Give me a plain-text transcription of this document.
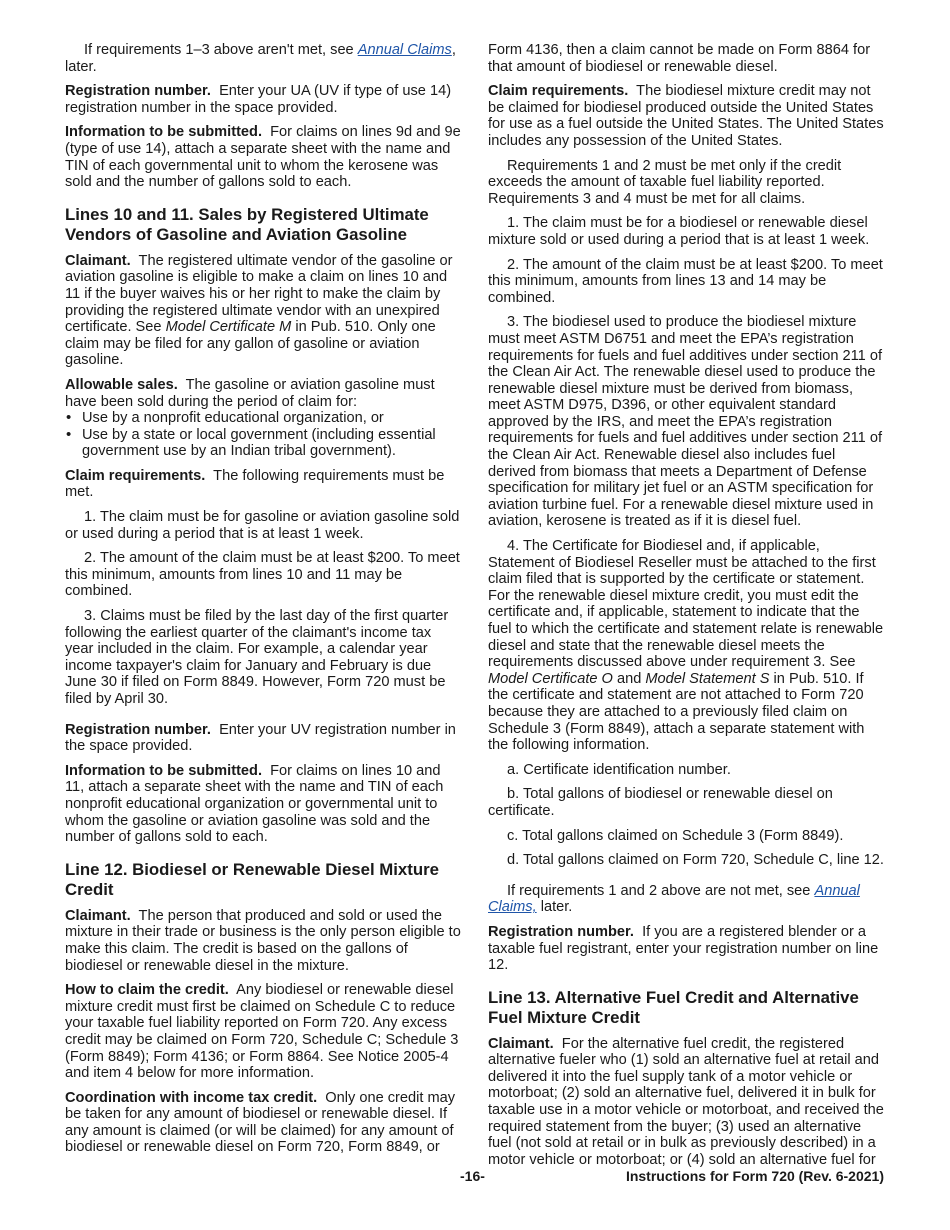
If requirements 1–3 above aren't met, see Annual Claims, later.

Registration number. Enter your UA (UV if type of use 14) registration number in the space provided.

Information to be submitted. For claims on lines 9d and 9e (type of use 14), attach a separate sheet with the name and TIN of each governmental unit to whom the kerosene was sold and the number of gallons sold to each.

Lines 10 and 11. Sales by Registered Ultimate Vendors of Gasoline and Aviation Gasoline

Claimant. The registered ultimate vendor of the gasoline or aviation gasoline is eligible to make a claim on lines 10 and 11 if the buyer waives his or her right to make the claim by providing the registered ultimate vendor with an unexpired certificate. See Model Certificate M in Pub. 510. Only one claim may be filed for any gallon of gasoline or aviation gasoline.

Allowable sales. The gasoline or aviation gasoline must have been sold during the period of claim for:

• Use by a nonprofit educational organization, or
• Use by a state or local government (including essential government use by an Indian tribal government).

Claim requirements. The following requirements must be met.

1. The claim must be for gasoline or aviation gasoline sold or used during a period that is at least 1 week.

2. The amount of the claim must be at least $200. To meet this minimum, amounts from lines 10 and 11 may be combined.

3. Claims must be filed by the last day of the first quarter following the earliest quarter of the claimant's income tax year included in the claim. For example, a calendar year income taxpayer's claim for January and February is due June 30 if filed on Form 8849. However, Form 720 must be filed by April 30.

Registration number. Enter your UV registration number in the space provided.

Information to be submitted. For claims on lines 10 and 11, attach a separate sheet with the name and TIN of each nonprofit educational organization or governmental unit to whom the gasoline or aviation gasoline was sold and the number of gallons sold to each.

Line 12. Biodiesel or Renewable Diesel Mixture Credit

Claimant. The person that produced and sold or used the mixture in their trade or business is the only person eligible to make this claim. The credit is based on the gallons of biodiesel or renewable diesel in the mixture.

How to claim the credit. Any biodiesel or renewable diesel mixture credit must first be claimed on Schedule C to reduce your taxable fuel liability reported on Form 720. Any excess credit may be claimed on Form 720, Schedule C; Schedule 3 (Form 8849); Form 4136; or Form 8864. See Notice 2005-4 and item 4 below for more information.

Coordination with income tax credit. Only one credit may be taken for any amount of biodiesel or renewable diesel. If any amount is claimed (or will be claimed) for any amount of biodiesel or renewable diesel on Form 720, Form 8849, or

Form 4136, then a claim cannot be made on Form 8864 for that amount of biodiesel or renewable diesel.

Claim requirements. The biodiesel mixture credit may not be claimed for biodiesel produced outside the United States for use as a fuel outside the United States. The United States includes any possession of the United States.

Requirements 1 and 2 must be met only if the credit exceeds the amount of taxable fuel liability reported. Requirements 3 and 4 must be met for all claims.

1. The claim must be for a biodiesel or renewable diesel mixture sold or used during a period that is at least 1 week.

2. The amount of the claim must be at least $200. To meet this minimum, amounts from lines 13 and 14 may be combined.

3. The biodiesel used to produce the biodiesel mixture must meet ASTM D6751 and meet the EPA’s registration requirements for fuels and fuel additives under section 211 of the Clean Air Act. The renewable diesel used to produce the renewable diesel mixture must be derived from biomass, meet ASTM D975, D396, or other equivalent standard approved by the IRS, and meet the EPA’s registration requirements for fuels and fuel additives under section 211 of the Clean Air Act. Renewable diesel also includes fuel derived from biomass that meets a Department of Defense specification for military jet fuel or an ASTM specification for aviation turbine fuel. For a renewable diesel mixture used in aviation, kerosene is treated as if it is diesel fuel.

4. The Certificate for Biodiesel and, if applicable, Statement of Biodiesel Reseller must be attached to the first claim filed that is supported by the certificate or statement. For the renewable diesel mixture credit, you must edit the certificate and, if applicable, statement to indicate that the fuel to which the certificate and statement relate is renewable diesel and state that the renewable diesel meets the requirements discussed above under requirement 3. See Model Certificate O and Model Statement S in Pub. 510. If the certificate and statement are not attached to Form 720 because they are attached to a previously filed claim on Schedule 3 (Form 8849), attach a separate statement with the following information.

a. Certificate identification number.

b. Total gallons of biodiesel or renewable diesel on certificate.

c. Total gallons claimed on Schedule 3 (Form 8849).

d. Total gallons claimed on Form 720, Schedule C, line 12.

If requirements 1 and 2 above are not met, see Annual Claims, later.

Registration number. If you are a registered blender or a taxable fuel registrant, enter your registration number on line 12.

Line 13. Alternative Fuel Credit and Alternative Fuel Mixture Credit

Claimant. For the alternative fuel credit, the registered alternative fueler who (1) sold an alternative fuel at retail and delivered it into the fuel supply tank of a motor vehicle or motorboat; (2) sold an alternative fuel, delivered it in bulk for taxable use in a motor vehicle or motorboat, and received the required statement from the buyer; (3) used an alternative fuel (not sold at retail or in bulk as previously described) in a motor vehicle or motorboat; or (4) sold an alternative fuel for

-16-	Instructions for Form 720 (Rev. 6-2021)
